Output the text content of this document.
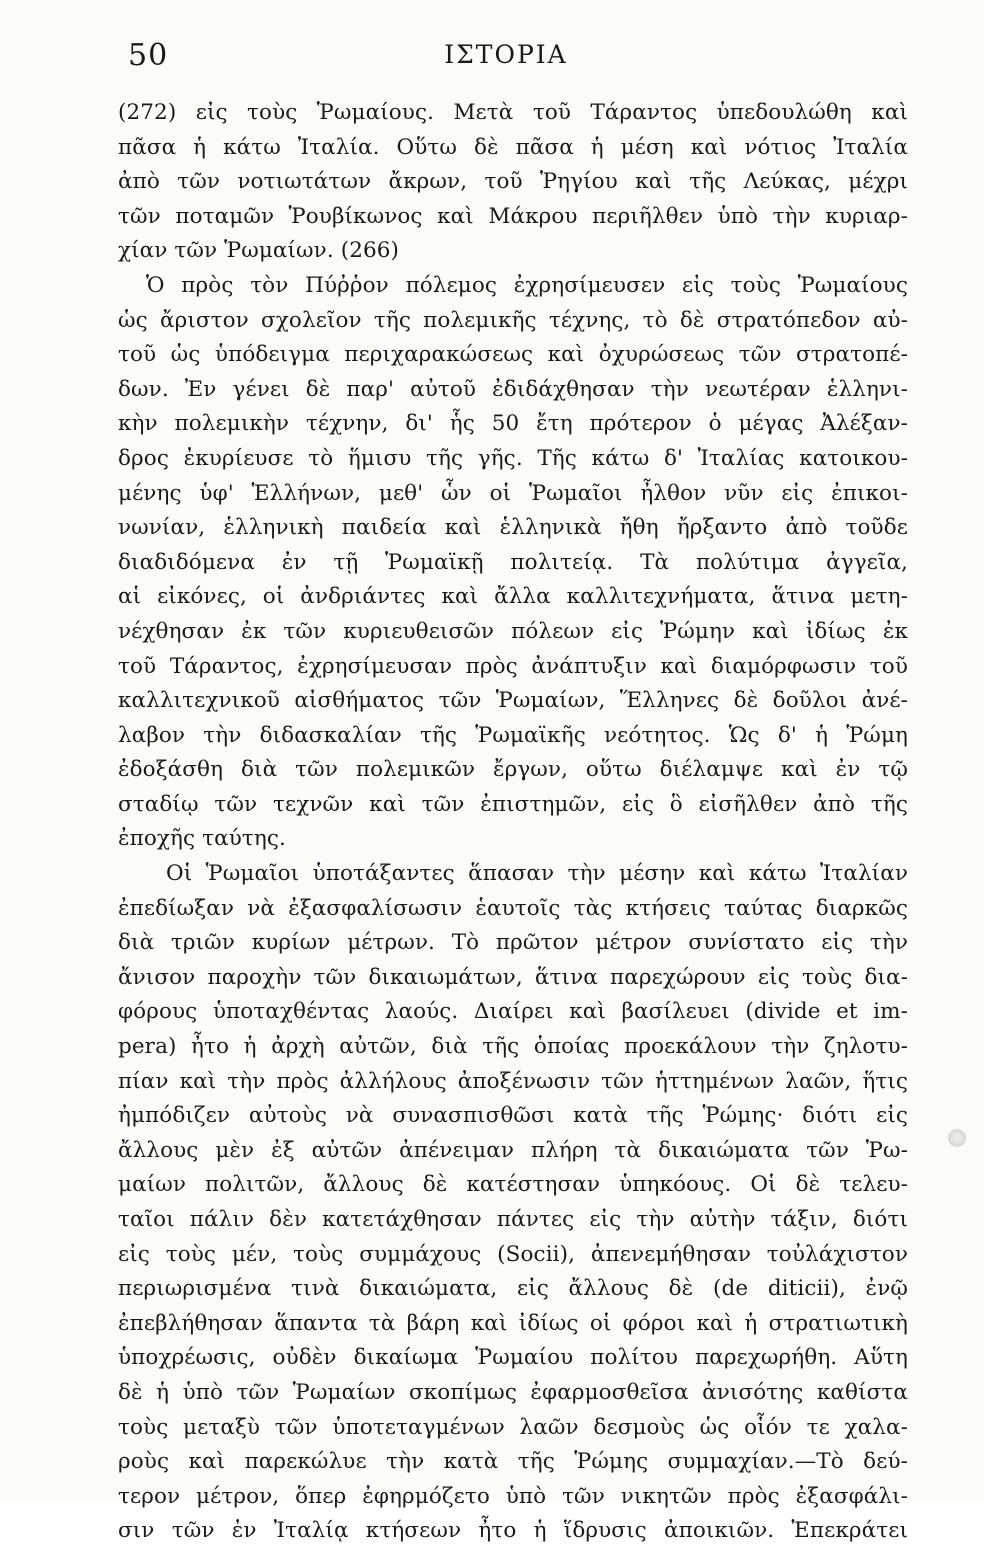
50	ΙΣΤΟΡΙΑ
(272) εἰς τοὺς Ῥωμαίους. Μετὰ τοῦ Τάραντος ὑπεδουλώθη καὶ
πᾶσα ἡ κάτω Ἰταλία. Οὕτω δὲ πᾶσα ἡ μέση καὶ νότιος Ἰταλία
ἀπὸ τῶν νοτιωτάτων ἄκρων, τοῦ Ῥηγίου καὶ τῆς Λεύκας, μέχρι
τῶν ποταμῶν Ῥουβίκωνος καὶ Μάκρου περιῆλθεν ὑπὸ τὴν κυριαρ-
χίαν τῶν Ῥωμαίων. (266)
Ὁ πρὸς τὸν Πύῤῥον πόλεμος ἐχρησίμευσεν εἰς τοὺς Ῥωμαίους
ὡς ἄριστον σχολεῖον τῆς πολεμικῆς τέχνης, τὸ δὲ στρατόπεδον αὐ-
τοῦ ὡς ὑπόδειγμα περιχαρακώσεως καὶ ὀχυρώσεως τῶν στρατοπέ-
δων. Ἐν γένει δὲ παρ' αὐτοῦ ἐδιδάχθησαν τὴν νεωτέραν ἑλληνι-
κὴν πολεμικὴν τέχνην, δι' ἧς 50 ἔτη πρότερον ὁ μέγας Ἀλέξαν-
δρος ἐκυρίευσε τὸ ἥμισυ τῆς γῆς. Τῆς κάτω δ' Ἰταλίας κατοικου-
μένης ὑφ' Ἑλλήνων, μεθ' ὧν οἱ Ῥωμαῖοι ἦλθον νῦν εἰς ἐπικοι-
νωνίαν, ἑλληνικὴ παιδεία καὶ ἑλληνικὰ ἤθη ἤρξαντο ἀπὸ τοῦδε
διαδιδόμενα ἐν τῇ Ῥωμαϊκῇ πολιτείᾳ. Τὰ πολύτιμα ἀγγεῖα,
αἱ εἰκόνες, οἱ ἀνδριάντες καὶ ἄλλα καλλιτεχνήματα, ἅτινα μετη-
νέχθησαν ἐκ τῶν κυριευθεισῶν πόλεων εἰς Ῥώμην καὶ ἰδίως ἐκ
τοῦ Τάραντος, ἐχρησίμευσαν πρὸς ἀνάπτυξιν καὶ διαμόρφωσιν τοῦ
καλλιτεχνικοῦ αἰσθήματος τῶν Ῥωμαίων, Ἕλληνες δὲ δοῦλοι ἀνέ-
λαβον τὴν διδασκαλίαν τῆς Ῥωμαϊκῆς νεότητος. Ὡς δ' ἡ Ῥώμη
ἐδοξάσθη διὰ τῶν πολεμικῶν ἔργων, οὕτω διέλαμψε καὶ ἐν τῷ
σταδίῳ τῶν τεχνῶν καὶ τῶν ἐπιστημῶν, εἰς ὃ εἰσῆλθεν ἀπὸ τῆς
ἐποχῆς ταύτης.
Οἱ Ῥωμαῖοι ὑποτάξαντες ἅπασαν τὴν μέσην καὶ κάτω Ἰταλίαν
ἐπεδίωξαν νὰ ἐξασφαλίσωσιν ἑαυτοῖς τὰς κτήσεις ταύτας διαρκῶς
διὰ τριῶν κυρίων μέτρων. Τὸ πρῶτον μέτρον συνίστατο εἰς τὴν
ἄνισον παροχὴν τῶν δικαιωμάτων, ἅτινα παρεχώρουν εἰς τοὺς δια-
φόρους ὑποταχθέντας λαούς. Διαίρει καὶ βασίλευει (divide et im-
pera) ἦτο ἡ ἀρχὴ αὐτῶν, διὰ τῆς ὁποίας προεκάλουν τὴν ζηλοτυ-
πίαν καὶ τὴν πρὸς ἀλλήλους ἀποξένωσιν τῶν ἡττημένων λαῶν, ἥτις
ἠμπόδιζεν αὐτοὺς νὰ συνασπισθῶσι κατὰ τῆς Ῥώμης· διότι εἰς
ἄλλους μὲν ἐξ αὐτῶν ἀπένειμαν πλήρη τὰ δικαιώματα τῶν Ῥω-
μαίων πολιτῶν, ἄλλους δὲ κατέστησαν ὑπηκόους. Οἱ δὲ τελευ-
ταῖοι πάλιν δὲν κατετάχθησαν πάντες εἰς τὴν αὐτὴν τάξιν, διότι
εἰς τοὺς μέν, τοὺς συμμάχους (Socii), ἀπενεμήθησαν τοὐλάχιστον
περιωρισμένα τινὰ δικαιώματα, εἰς ἄλλους δὲ (de diticii), ἐνῷ
ἐπεβλήθησαν ἅπαντα τὰ βάρη καὶ ἰδίως οἱ φόροι καὶ ἡ στρατιωτικὴ
ὑποχρέωσις, οὐδὲν δικαίωμα Ῥωμαίου πολίτου παρεχωρήθη. Αὕτη
δὲ ἡ ὑπὸ τῶν Ῥωμαίων σκοπίμως ἐφαρμοσθεῖσα ἀνισότης καθίστα
τοὺς μεταξὺ τῶν ὑποτεταγμένων λαῶν δεσμοὺς ὡς οἷόν τε χαλα-
ροὺς καὶ παρεκώλυε τὴν κατὰ τῆς Ῥώμης συμμαχίαν.—Τὸ δεύ-
τερον μέτρον, ὅπερ ἐφηρμόζετο ὑπὸ τῶν νικητῶν πρὸς ἐξασφάλι-
σιν τῶν ἐν Ἰταλίᾳ κτήσεων ἦτο ἡ ἵδρυσις ἀποικιῶν. Ἐπεκράτει
